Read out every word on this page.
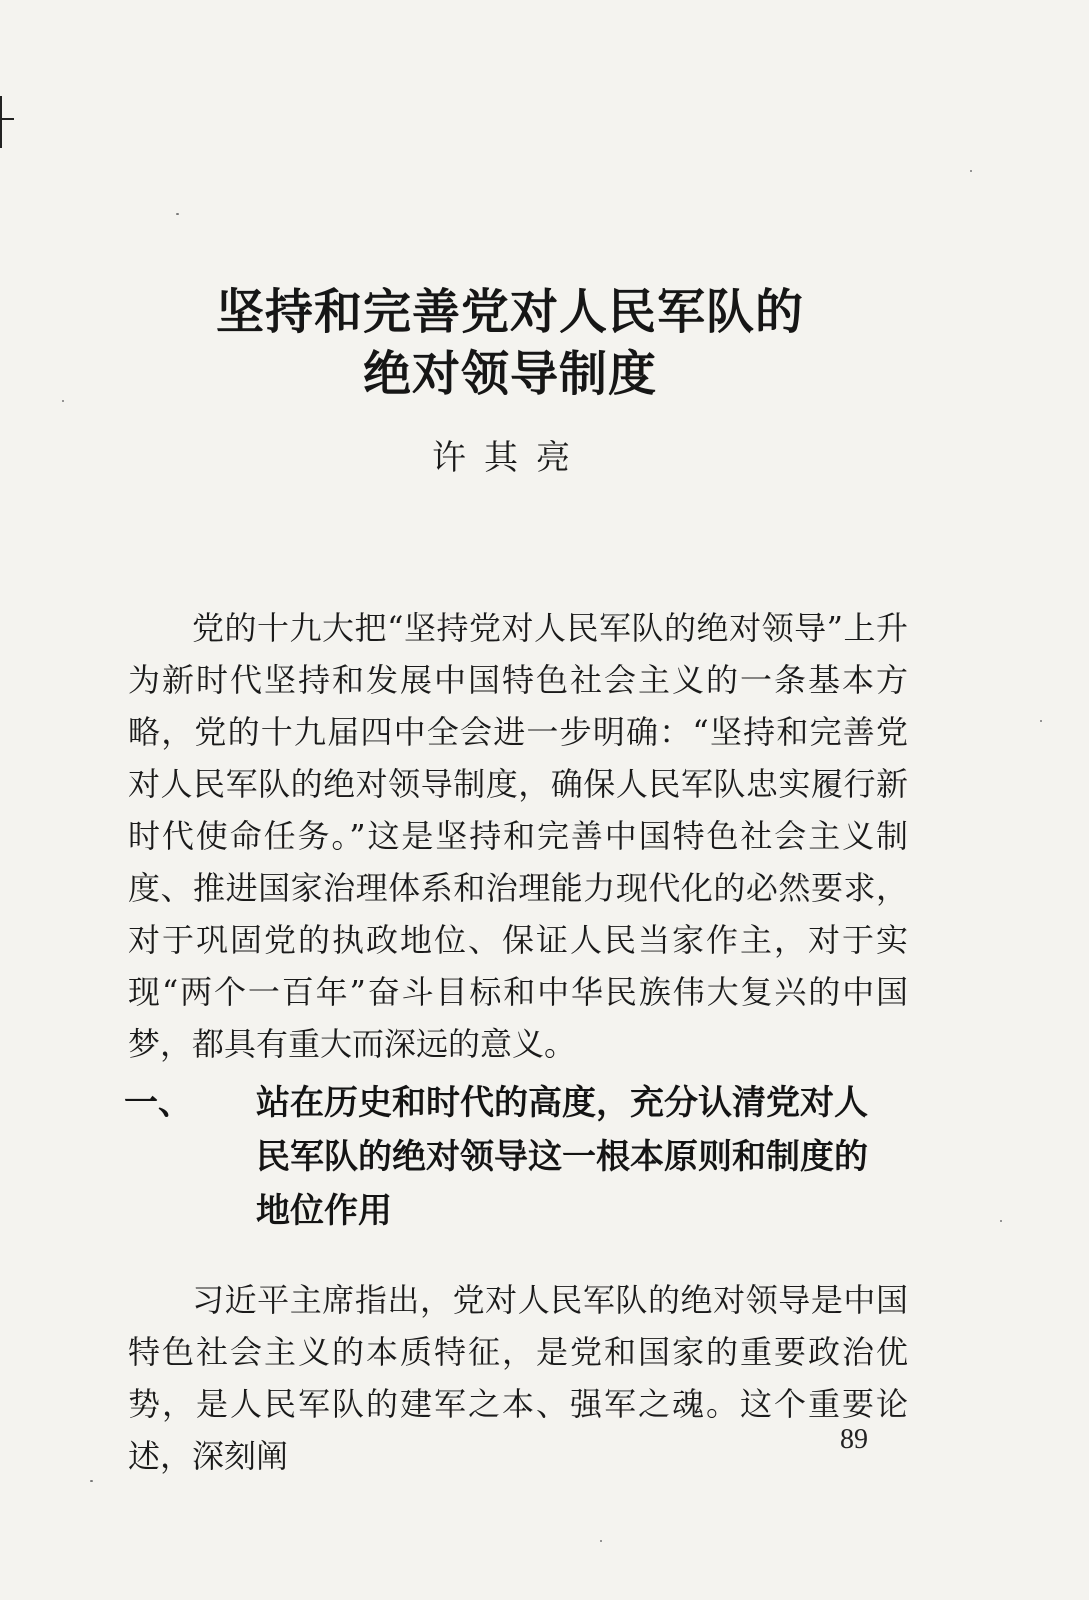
坚持和完善党对人民军队的
绝对领导制度
许其亮

党的十九大把“坚持党对人民军队的绝对领导”上升为新时代坚持和发展中国特色社会主义的一条基本方略，党的十九届四中全会进一步明确：“坚持和完善党对人民军队的绝对领导制度，确保人民军队忠实履行新时代使命任务。”这是坚持和完善中国特色社会主义制度、推进国家治理体系和治理能力现代化的必然要求，对于巩固党的执政地位、保证人民当家作主，对于实现“两个一百年”奋斗目标和中华民族伟大复兴的中国梦，都具有重大而深远的意义。

一、 站在历史和时代的高度，充分认清党对人民军队的绝对领导这一根本原则和制度的地位作用

习近平主席指出，党对人民军队的绝对领导是中国特色社会主义的本质特征，是党和国家的重要政治优势，是人民军队的建军之本、强军之魂。这个重要论述，深刻阐	89
